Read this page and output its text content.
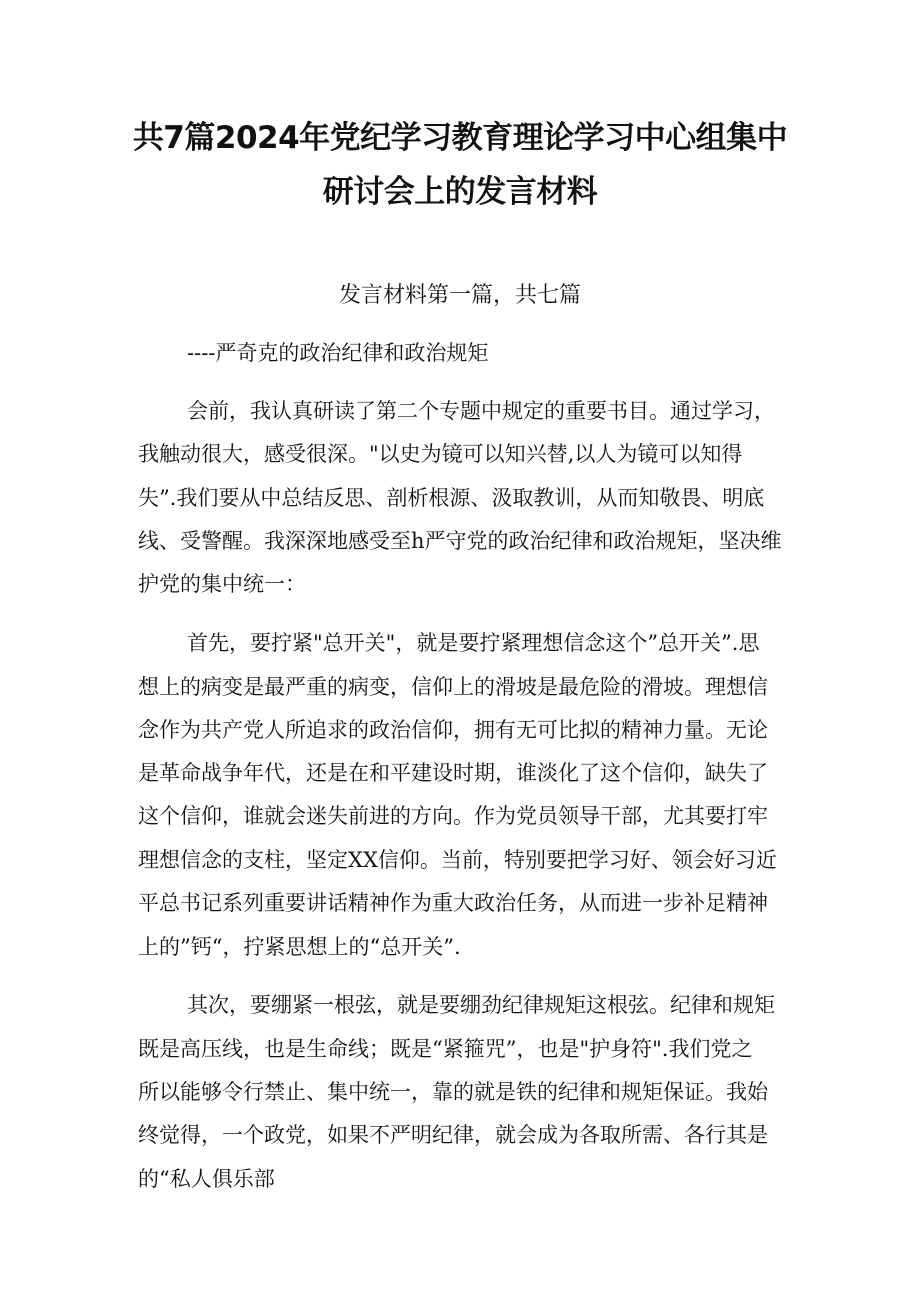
共7篇2024年党纪学习教育理论学习中心组集中
研讨会上的发言材料
发言材料第一篇，共七篇
----严奇克的政治纪律和政治规矩
会前，我认真研读了第二个专题中规定的重要书目。通过学习，
我触动很大，感受很深。"以史为镜可以知兴替,以人为镜可以知得
失”.我们要从中总结反思、剖析根源、汲取教训，从而知敬畏、明底
线、受警醒。我深深地感受至h严守党的政治纪律和政治规矩，坚决维
护党的集中统一：
首先，要拧紧"总开关"，就是要拧紧理想信念这个”总开关”.思
想上的病变是最严重的病变，信仰上的滑坡是最危险的滑坡。理想信
念作为共产党人所追求的政治信仰，拥有无可比拟的精神力量。无论
是革命战争年代，还是在和平建设时期，谁淡化了这个信仰，缺失了
这个信仰，谁就会迷失前进的方向。作为党员领导干部，尤其要打牢
理想信念的支柱，坚定XX信仰。当前，特别要把学习好、领会好习近
平总书记系列重要讲话精神作为重大政治任务，从而进一步补足精神
上的”钙“，拧紧思想上的“总开关”.
其次，要绷紧一根弦，就是要绷劲纪律规矩这根弦。纪律和规矩
既是高压线，也是生命线；既是“紧箍咒”，也是"护身符".我们党之
所以能够令行禁止、集中统一，靠的就是铁的纪律和规矩保证。我始
终觉得，一个政党，如果不严明纪律，就会成为各取所需、各行其是
的“私人俱乐部
